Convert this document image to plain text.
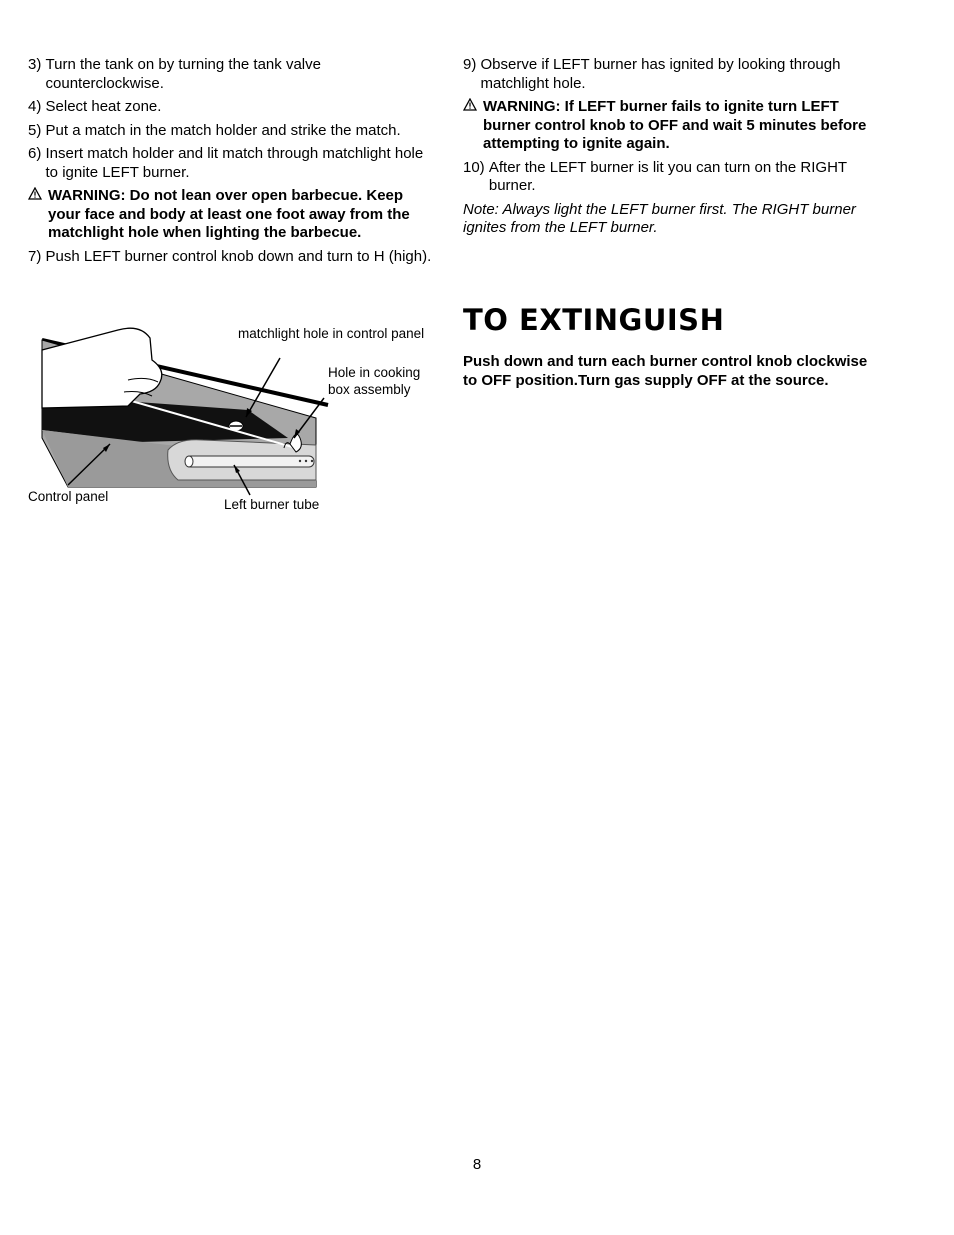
3)
Turn the tank on by turning the tank valve counterclockwise.
4)
Select heat zone.
5)
Put a match in the match holder and strike the match.
6)
Insert match holder and lit match through matchlight hole to ignite LEFT burner.
WARNING: Do not lean over open barbecue. Keep your face and body at least one foot away from the matchlight hole when lighting the barbecue.
7)
Push LEFT burner control knob down and turn to H (high).
matchlight hole in control panel
Hole in cooking box assembly
Control panel
Left burner tube
9)
Observe if LEFT burner has ignited by looking through matchlight hole.
WARNING: If LEFT burner fails to ignite turn LEFT burner control knob to OFF and wait 5 minutes before attempting to ignite again.
10)
After the LEFT burner is lit you can turn on the RIGHT burner.
Note: Always light the LEFT burner first. The RIGHT burner ignites from the LEFT burner.
TO EXTINGUISH

Push down and turn each burner control knob clockwise to OFF position.Turn gas supply OFF at the source.

8
